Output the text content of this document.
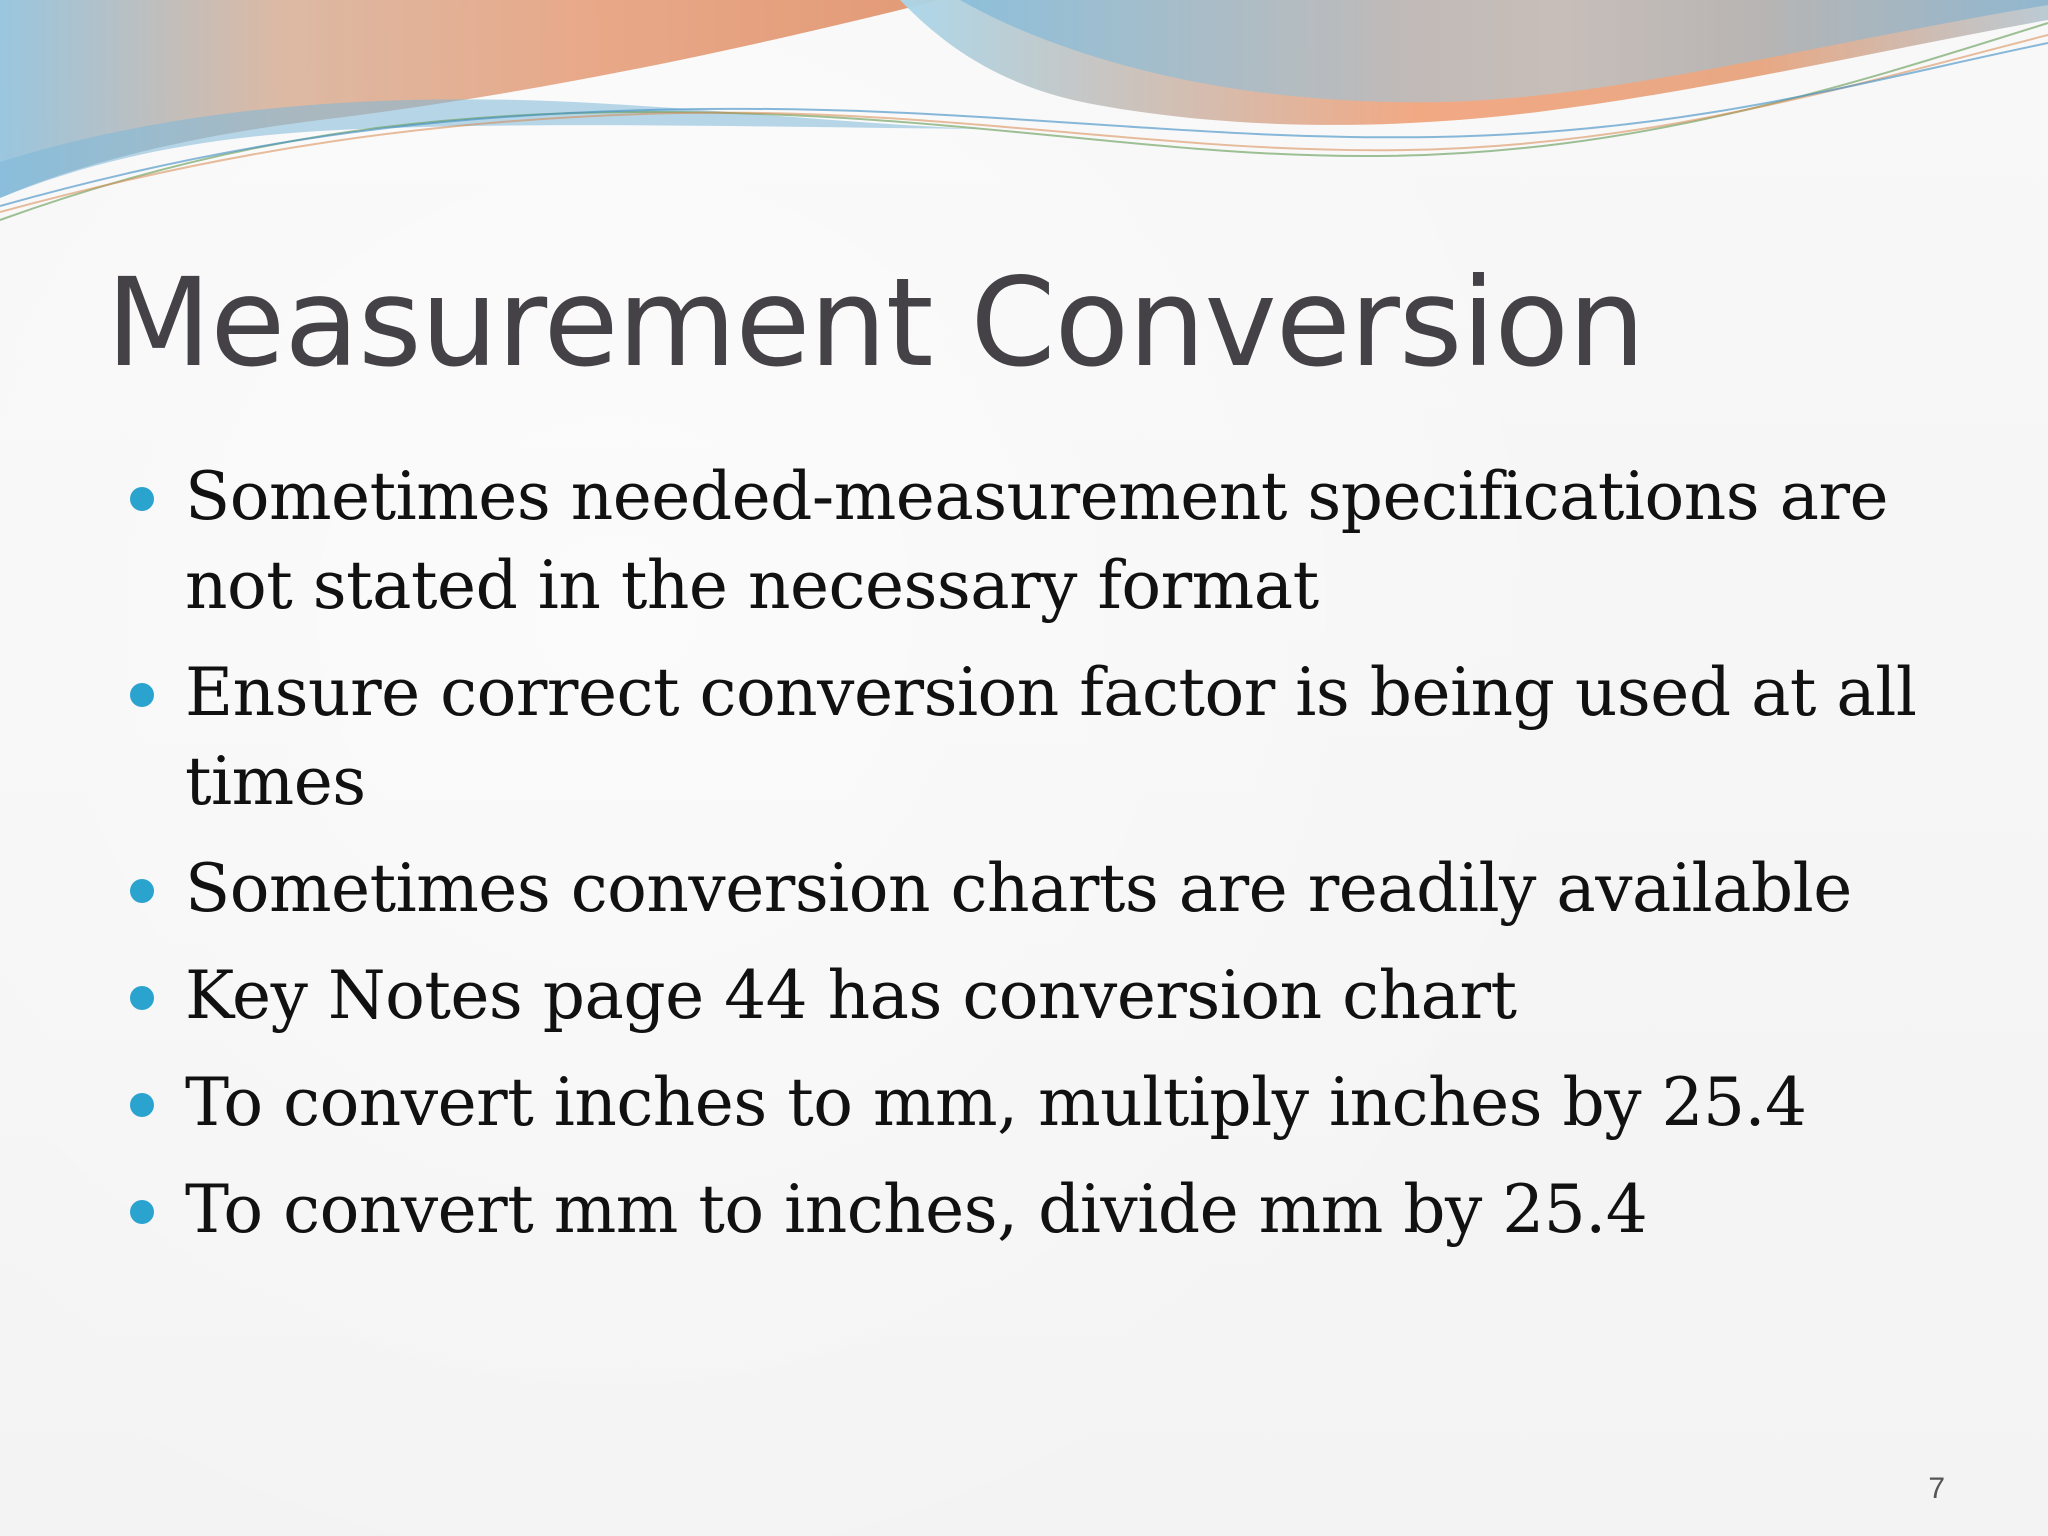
Measurement Conversion
Sometimes needed-measurement specifications are not stated in the necessary format
Ensure correct conversion factor is being used at all times
Sometimes conversion charts are readily available
Key Notes page 44 has conversion chart
To convert inches to mm, multiply inches by 25.4
To convert mm to inches, divide mm by 25.4
7
